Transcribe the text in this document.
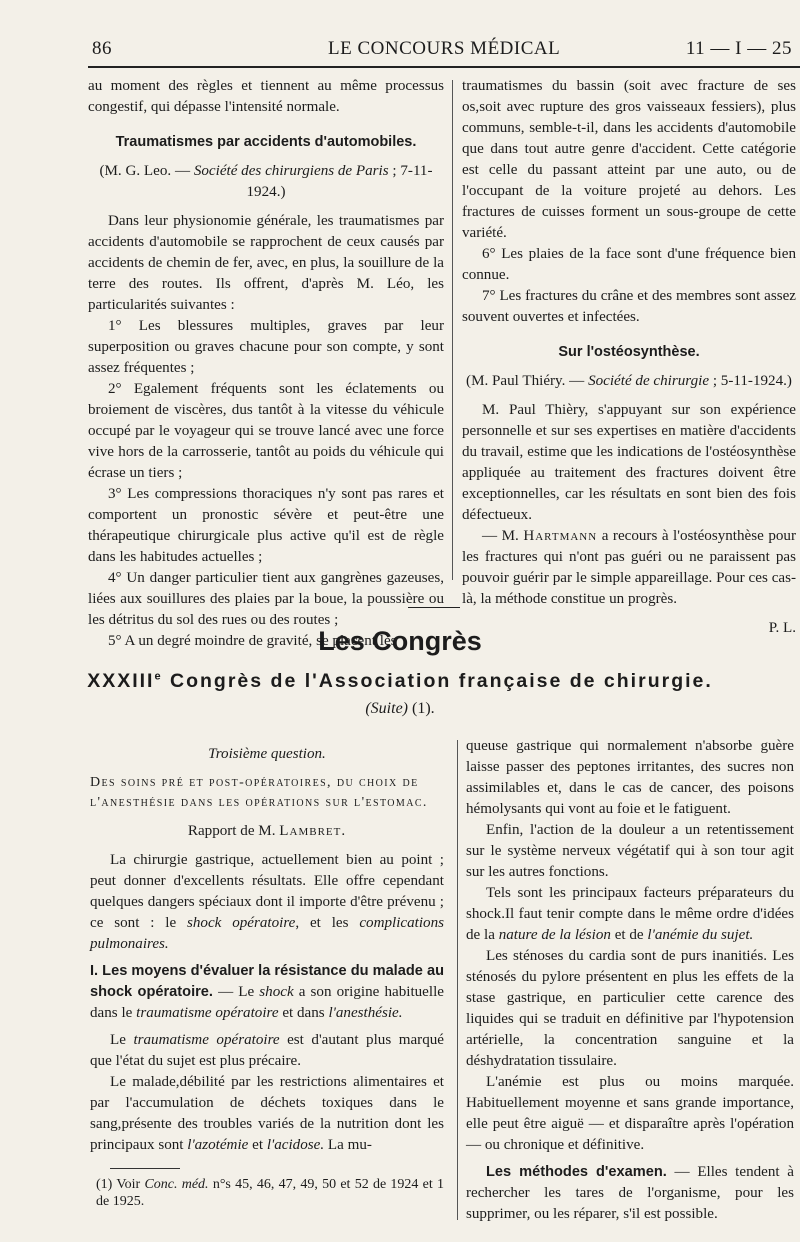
86	LE CONCOURS MÉDICAL	11 — I — 25

au moment des règles et tiennent au même processus congestif, qui dépasse l'intensité normale.

Traumatismes par accidents d'automobiles.

(M. G. Leo. — Société des chirurgiens de Paris ; 7-11-1924.)

Dans leur physionomie générale, les traumatismes par accidents d'automobile se rapprochent de ceux causés par accidents de chemin de fer, avec, en plus, la souillure de la terre des routes. Ils offrent, d'après M. Léo, les particularités suivantes :

1° Les blessures multiples, graves par leur superposition ou graves chacune pour son compte, y sont assez fréquentes ;

2° Egalement fréquents sont les éclatements ou broiement de viscères, dus tantôt à la vitesse du véhicule occupé par le voyageur qui se trouve lancé avec une force vive hors de la carrosserie, tantôt au poids du véhicule qui écrase un tiers ;

3° Les compressions thoraciques n'y sont pas rares et comportent un pronostic sévère et peut-être une thérapeutique chirurgicale plus active qu'il est de règle dans les habitudes actuelles ;

4° Un danger particulier tient aux gangrènes gazeuses, liées aux souillures des plaies par la boue, la poussière ou les détritus du sol des rues ou des routes ;

5° A un degré moindre de gravité, se placent les

traumatismes du bassin (soit avec fracture de ses os,soit avec rupture des gros vaisseaux fessiers), plus communs, semble-t-il, dans les accidents d'automobile que dans tout autre genre d'accident. Cette catégorie est celle du passant atteint par une auto, ou de l'occupant de la voiture projeté au dehors. Les fractures de cuisses forment un sous-groupe de cette variété.

6° Les plaies de la face sont d'une fréquence bien connue.

7° Les fractures du crâne et des membres sont assez souvent ouvertes et infectées.

Sur l'ostéosynthèse.

(M. Paul Thiéry. — Société de chirurgie ; 5-11-1924.)

M. Paul Thièry, s'appuyant sur son expérience personnelle et sur ses expertises en matière d'accidents du travail, estime que les indications de l'ostéosynthèse appliquée au traitement des fractures doivent être exceptionnelles, car les résultats en sont bien des fois défectueux.

— M. Hartmann a recours à l'ostéosynthèse pour les fractures qui n'ont pas guéri ou ne paraissent pas pouvoir guérir par le simple appareillage. Pour ces cas-là, la méthode constitue un progrès.

P. L.

Les Congrès
XXXIIIe Congrès de l'Association française de chirurgie.
(Suite) (1).

Troisième question.

Des soins pré et post-opératoires, du choix de l'anesthésie dans les opérations sur l'estomac.

Rapport de M. Lambret.

La chirurgie gastrique, actuellement bien au point ; peut donner d'excellents résultats. Elle offre cependant quelques dangers spéciaux dont il importe d'être prévenu ; ce sont : le shock opératoire, et les complications pulmonaires.

I. Les moyens d'évaluer la résistance du malade au shock opératoire. — Le shock a son origine habituelle dans le traumatisme opératoire et dans l'anesthésie.

Le traumatisme opératoire est d'autant plus marqué que l'état du sujet est plus précaire.

Le malade,débilité par les restrictions alimentaires et par l'accumulation de déchets toxiques dans le sang,présente des troubles variés de la nutrition dont les principaux sont l'azotémie et l'acidose. La mu-

(1) Voir Conc. méd. n°s 45, 46, 47, 49, 50 et 52 de 1924 et 1 de 1925.

queuse gastrique qui normalement n'absorbe guère laisse passer des peptones irritantes, des sucres non assimilables et, dans le cas de cancer, des poisons hémolysants qui vont au foie et le fatiguent.

Enfin, l'action de la douleur a un retentissement sur le système nerveux végétatif qui à son tour agit sur les autres fonctions.

Tels sont les principaux facteurs préparateurs du shock.Il faut tenir compte dans le même ordre d'idées de la nature de la lésion et de l'anémie du sujet.

Les sténoses du cardia sont de purs inanitiés. Les sténosés du pylore présentent en plus les effets de la stase gastrique, en particulier cette carence des liquides qui se traduit en définitive par l'hypotension artérielle, la concentration sanguine et la déshydratation tissulaire.

L'anémie est plus ou moins marquée. Habituellement moyenne et sans grande importance, elle peut être aiguë — et disparaître après l'opération — ou chronique et définitive.

Les méthodes d'examen. — Elles tendent à rechercher les tares de l'organisme, pour les supprimer, ou les réparer, s'il est possible.
